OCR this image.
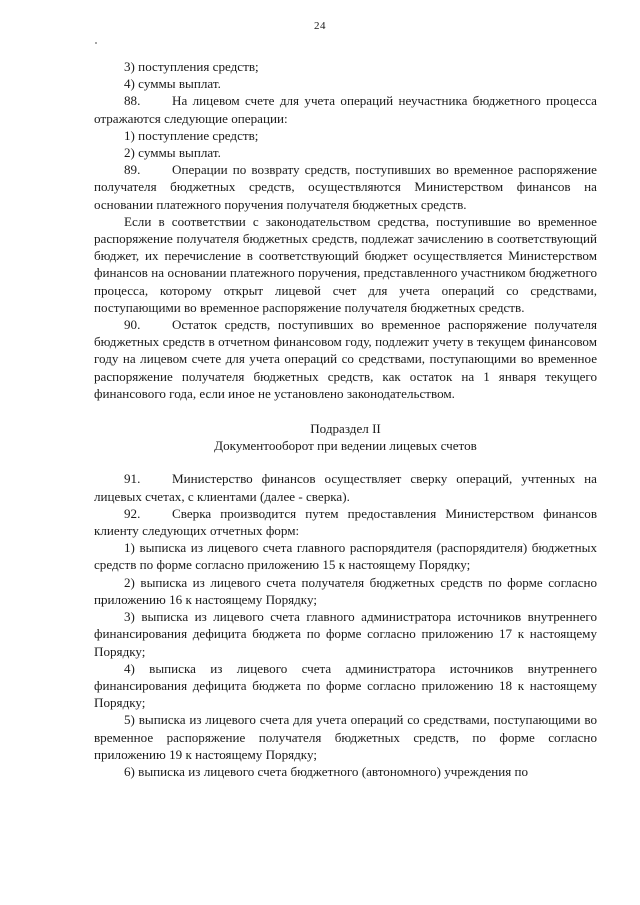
24

3) поступления средств;

4) суммы выплат.

88. На лицевом счете для учета операций неучастника бюджетного процесса отражаются следующие операции:

1) поступление средств;

2) суммы выплат.

89. Операции по возврату средств, поступивших во временное распоряжение получателя бюджетных средств, осуществляются Министерством финансов на основании платежного поручения получателя бюджетных средств.

Если в соответствии с законодательством средства, поступившие во временное распоряжение получателя бюджетных средств, подлежат зачислению в соответствующий бюджет, их перечисление в соответствующий бюджет осуществляется Министерством финансов на основании платежного поручения, представленного участником бюджетного процесса, которому открыт лицевой счет для учета операций со средствами, поступающими во временное распоряжение получателя бюджетных средств.

90. Остаток средств, поступивших во временное распоряжение получателя бюджетных средств в отчетном финансовом году, подлежит учету в текущем финансовом году на лицевом счете для учета операций со средствами, поступающими во временное распоряжение получателя бюджетных средств, как остаток на 1 января текущего финансового года, если иное не установлено законодательством.

Подраздел II

Документооборот при ведении лицевых счетов

91. Министерство финансов осуществляет сверку операций, учтенных на лицевых счетах, с клиентами (далее - сверка).

92. Сверка производится путем предоставления Министерством финансов клиенту следующих отчетных форм:

1) выписка из лицевого счета главного распорядителя (распорядителя) бюджетных средств по форме согласно приложению 15 к настоящему Порядку;

2) выписка из лицевого счета получателя бюджетных средств по форме согласно приложению 16 к настоящему Порядку;

3) выписка из лицевого счета главного администратора источников внутреннего финансирования дефицита бюджета по форме согласно приложению 17 к настоящему Порядку;

4) выписка из лицевого счета администратора источников внутреннего финансирования дефицита бюджета по форме согласно приложению 18 к настоящему Порядку;

5) выписка из лицевого счета для учета операций со средствами, поступающими во временное распоряжение получателя бюджетных средств, по форме согласно приложению 19 к настоящему Порядку;

6) выписка из лицевого счета бюджетного (автономного) учреждения по
